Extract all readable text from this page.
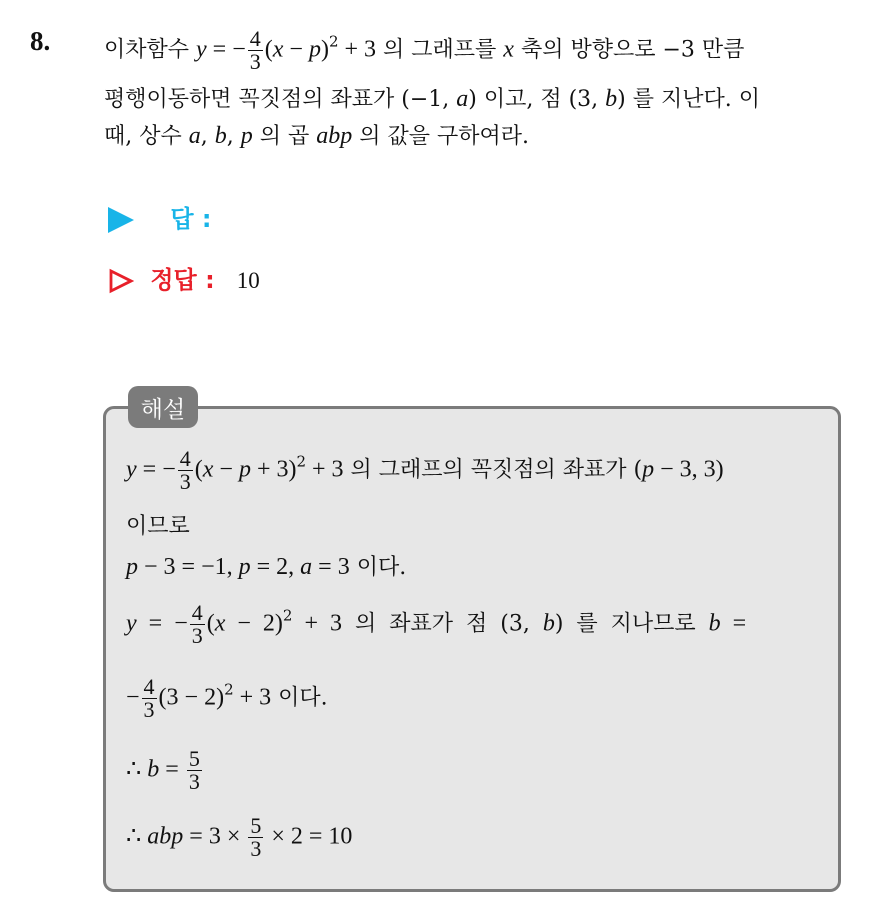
8. 이차함수 y = − $\frac{4}{3} (x - p)^2 + 3$ 의 그래프를 x 축의 방향으로 −3 만큼
평행이동하면 꼭짓점의 좌표가 (−1, a) 이고, 점 (3, b) 를 지난다. 이
때, 상수 a, b, p 의 곱 abp 의 값을 구하여라.
답 :
정답 : 10
해설
y = − $\frac{4}{3} (x - p + 3)^2 + 3$ 의 그래프의 꼭짓점의 좌표가 (p − 3, 3)
이므로
p − 3 = −1, p = 2, a = 3 이다.
y = − $\frac{4}{3} (x - 2)^2 + 3$ 의 좌표가 점 (3, b) 를 지나므로 b =
− $\frac{4}{3} (3 - 2)^2 + 3$ 이다.
∴ $b = \frac{5}{3}$
∴ abp = $3 \times \frac{5}{3} \times 2 = 10$
